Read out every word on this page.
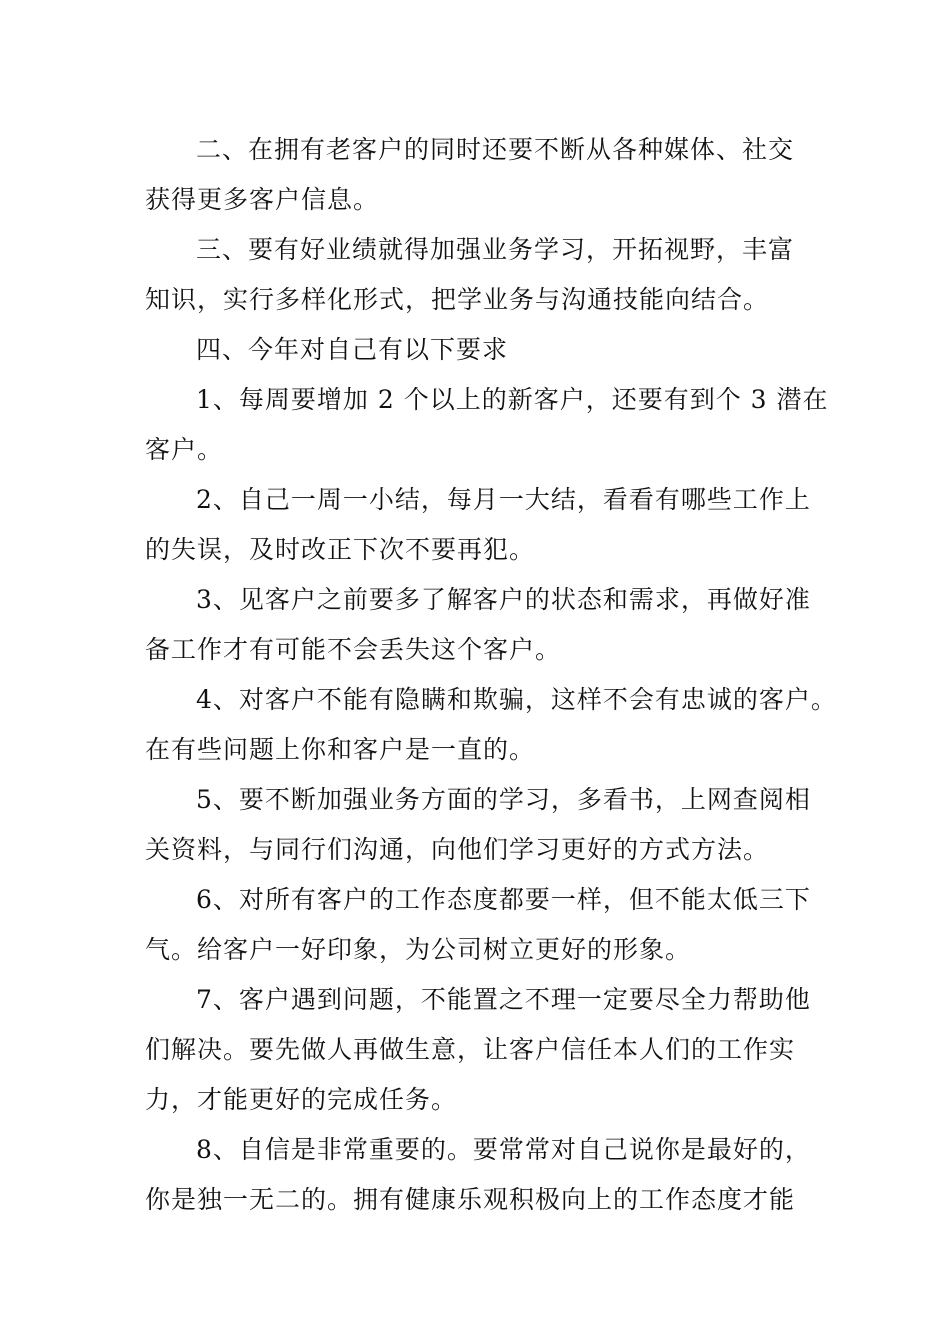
二、在拥有老客户的同时还要不断从各种媒体、社交

获得更多客户信息。

三、要有好业绩就得加强业务学习，开拓视野，丰富

知识，实行多样化形式，把学业务与沟通技能向结合。

四、今年对自己有以下要求

1、每周要增加 2 个以上的新客户，还要有到个 3 潜在

客户。

2、自己一周一小结，每月一大结，看看有哪些工作上

的失误，及时改正下次不要再犯。

3、见客户之前要多了解客户的状态和需求，再做好准

备工作才有可能不会丢失这个客户。

4、对客户不能有隐瞒和欺骗，这样不会有忠诚的客户。

在有些问题上你和客户是一直的。

5、要不断加强业务方面的学习，多看书，上网查阅相

关资料，与同行们沟通，向他们学习更好的方式方法。

6、对所有客户的工作态度都要一样，但不能太低三下

气。给客户一好印象，为公司树立更好的形象。

7、客户遇到问题，不能置之不理一定要尽全力帮助他

们解决。要先做人再做生意，让客户信任本人们的工作实

力，才能更好的完成任务。

8、自信是非常重要的。要常常对自己说你是最好的，

你是独一无二的。拥有健康乐观积极向上的工作态度才能
